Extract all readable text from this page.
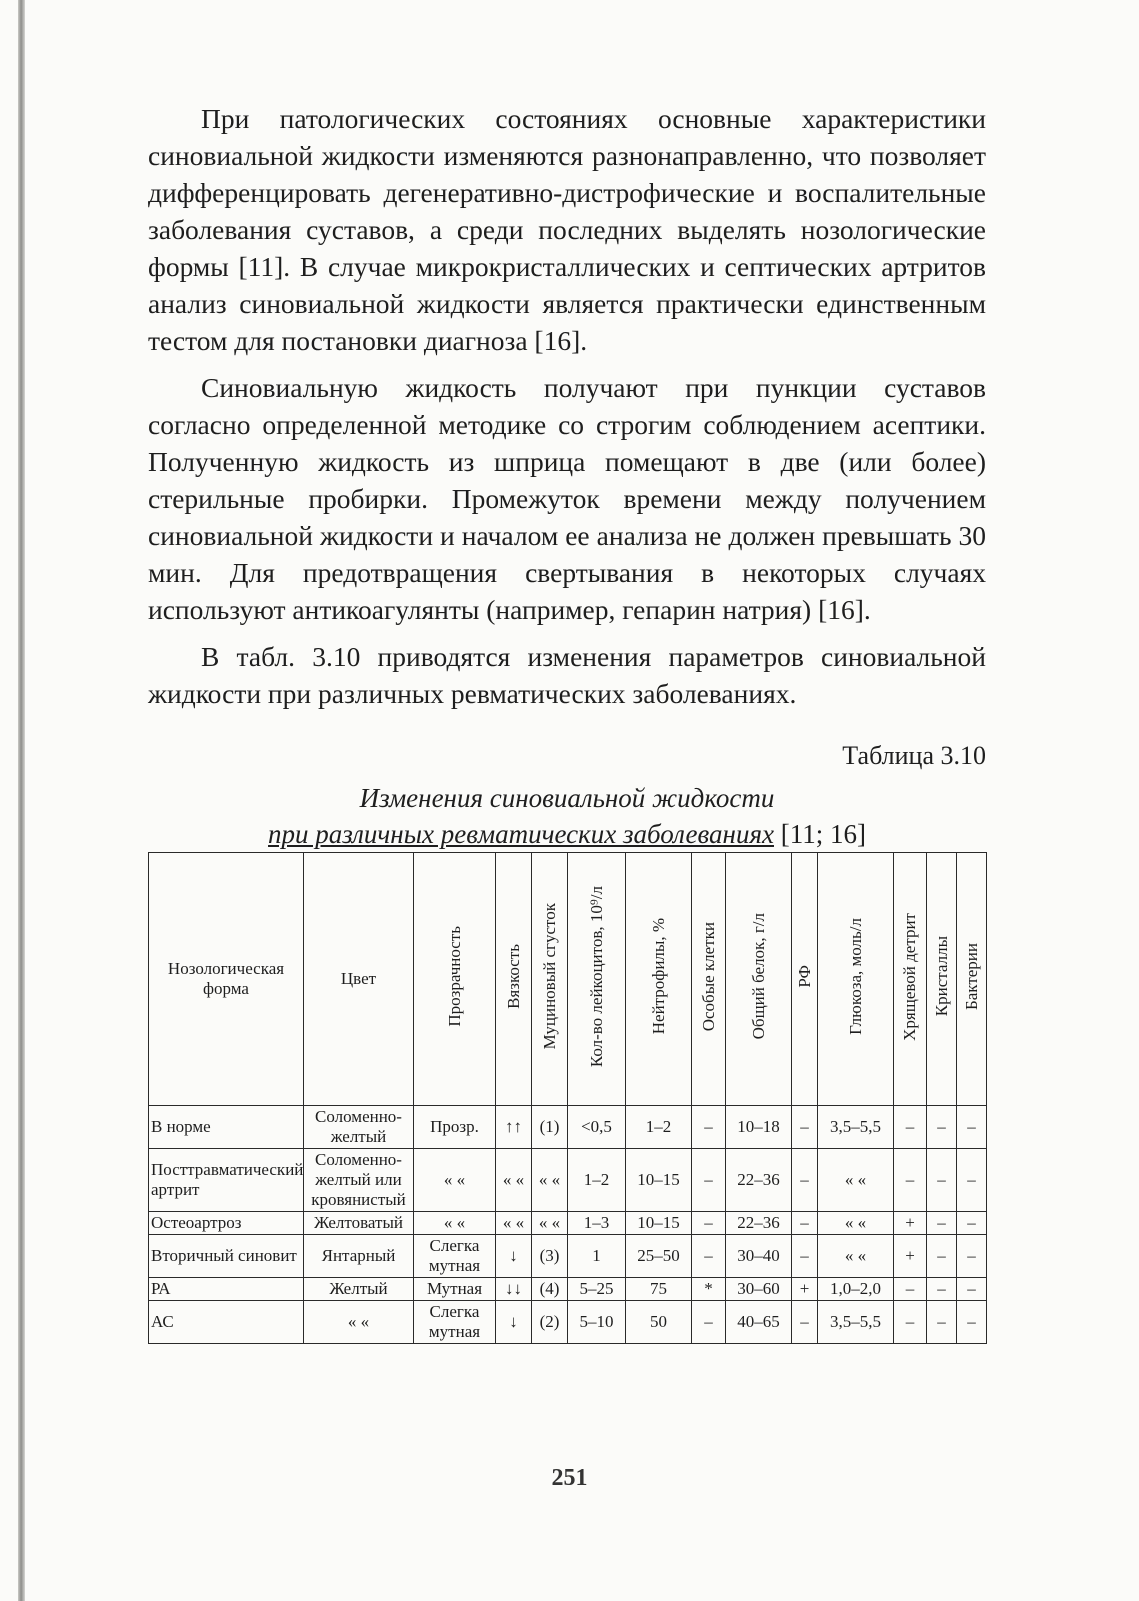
При патологических состояниях основные характеристики синовиальной жидкости изменяются разнонаправленно, что позволяет дифференцировать дегенеративно-дистрофические и воспалительные заболевания суставов, а среди последних выделять нозологические формы [11]. В случае микрокристаллических и септических артритов анализ синовиальной жидкости является практически единственным тестом для постановки диагноза [16].

Синовиальную жидкость получают при пункции суставов согласно определенной методике со строгим соблюдением асептики. Полученную жидкость из шприца помещают в две (или более) стерильные пробирки. Промежуток времени между получением синовиальной жидкости и началом ее анализа не должен превышать 30 мин. Для предотвращения свертывания в некоторых случаях используют антикоагулянты (например, гепарин натрия) [16].

В табл. 3.10 приводятся изменения параметров синовиальной жидкости при различных ревматических заболеваниях.

Таблица 3.10
Изменения синовиальной жидкости
при различных ревматических заболеваниях [11; 16]
Нозологическая форма	Цвет	Прозрачность	Вязкость	Муциновый сгусток	Кол-во лейкоцитов, 10⁹/л	Нейтрофилы, %	Особые клетки	Общий белок, г/л	РФ	Глюкоза, моль/л	Хрящевой детрит	Кристаллы	Бактерии
В норме	Соломенно-желтый	Прозр.	↑↑	(1)	<0,5	1–2	–	10–18	–	3,5–5,5	–	–	–
Посттравматический артрит	Соломенно-желтый или кровянистый	« «	« «	« «	1–2	10–15	–	22–36	–	« «	–	–	–
Остеоартроз	Желтоватый	« «	« «	« «	1–3	10–15	–	22–36	–	« «	+	–	–
Вторичный синовит	Янтарный	Слегка мутная	↓	(3)	1	25–50	–	30–40	–	« «	+	–	–
РА	Желтый	Мутная	↓↓	(4)	5–25	75	*	30–60	+	1,0–2,0	–	–	–
АС	« «	Слегка мутная	↓	(2)	5–10	50	–	40–65	–	3,5–5,5	–	–	–
251
